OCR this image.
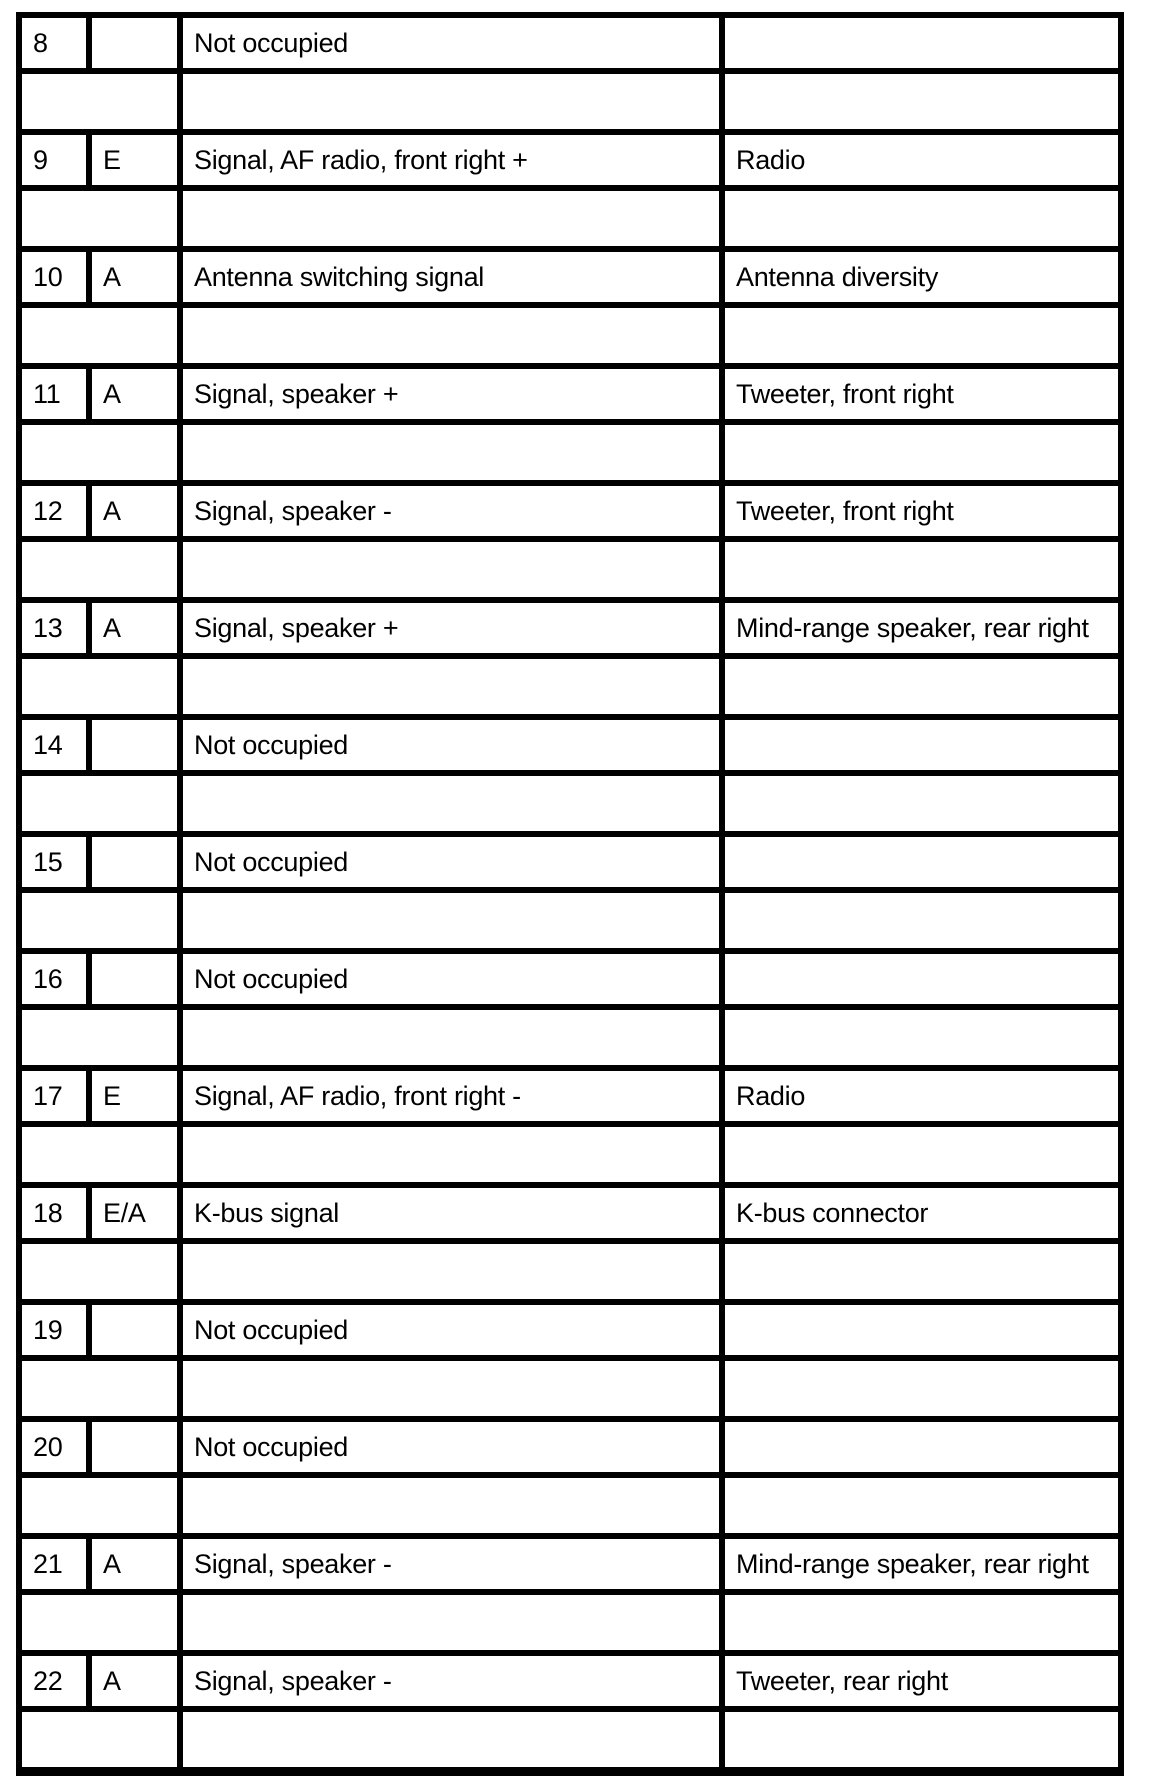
8		Not occupied	

9	E	Signal, AF radio, front right +	Radio

10	A	Antenna switching signal	Antenna diversity

11	A	Signal, speaker +	Tweeter, front right

12	A	Signal, speaker -	Tweeter, front right

13	A	Signal, speaker +	Mind-range speaker, rear right

14		Not occupied	

15		Not occupied	

16		Not occupied	

17	E	Signal, AF radio, front right -	Radio

18	E/A	K-bus signal	K-bus connector

19		Not occupied	

20		Not occupied	

21	A	Signal, speaker -	Mind-range speaker, rear right

22	A	Signal, speaker -	Tweeter, rear right
